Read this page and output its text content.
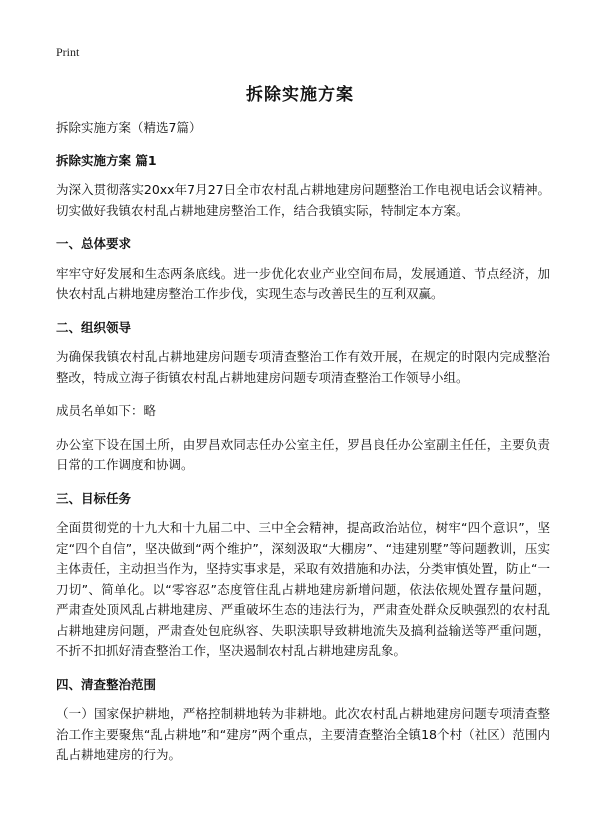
Print
拆除实施方案

拆除实施方案（精选7篇）

拆除实施方案 篇1

为深入贯彻落实20xx年7月27日全市农村乱占耕地建房问题整治工作电视电话会议精神。切实做好我镇农村乱占耕地建房整治工作，结合我镇实际，特制定本方案。

一、总体要求

牢牢守好发展和生态两条底线。进一步优化农业产业空间布局，发展通道、节点经济，加快农村乱占耕地建房整治工作步伐，实现生态与改善民生的互利双赢。

二、组织领导

为确保我镇农村乱占耕地建房问题专项清查整治工作有效开展，在规定的时限内完成整治整改，特成立海子街镇农村乱占耕地建房问题专项清查整治工作领导小组。

成员名单如下：略

办公室下设在国土所，由罗昌欢同志任办公室主任，罗昌良任办公室副主任任，主要负责日常的工作调度和协调。

三、目标任务

全面贯彻党的十九大和十九届二中、三中全会精神，提高政治站位，树牢“四个意识”，坚定“四个自信”，坚决做到“两个维护”，深刻汲取“大棚房”、“违建别墅”等问题教训，压实主体责任，主动担当作为，坚持实事求是，采取有效措施和办法，分类审慎处置，防止“一刀切”、简单化。以“零容忍”态度管住乱占耕地建房新增问题，依法依规处置存量问题，严肃查处顶风乱占耕地建房、严重破坏生态的违法行为，严肃查处群众反映强烈的农村乱占耕地建房问题，严肃查处包庇纵容、失职渎职导致耕地流失及搞利益输送等严重问题，不折不扣抓好清查整治工作，坚决遏制农村乱占耕地建房乱象。

四、清查整治范围

（一）国家保护耕地，严格控制耕地转为非耕地。此次农村乱占耕地建房问题专项清查整治工作主要聚焦“乱占耕地”和“建房”两个重点，主要清查整治全镇18个村（社区）范围内乱占耕地建房的行为。
